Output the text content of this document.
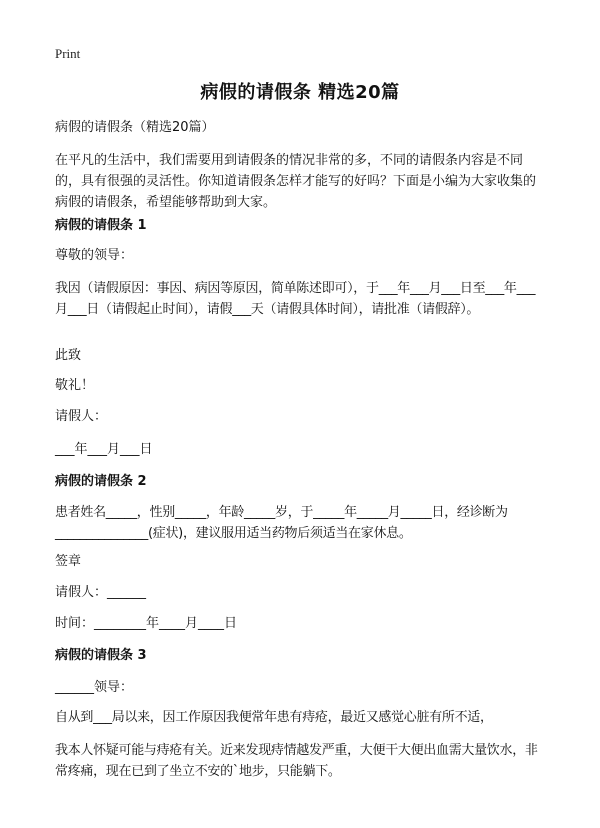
Print
病假的请假条 精选20篇
病假的请假条（精选20篇）
在平凡的生活中，我们需要用到请假条的情况非常的多，不同的请假条内容是不同的，具有很强的灵活性。你知道请假条怎样才能写的好吗？下面是小编为大家收集的病假的请假条，希望能够帮助到大家。
病假的请假条 1
尊敬的领导：
我因（请假原因：事因、病因等原因，简单陈述即可），于___年___月___日至___年___月___日（请假起止时间），请假___天（请假具体时间），请批准（请假辞）。
此致
敬礼！
请假人：
___年___月___日
病假的请假条 2
患者姓名_____，性别_____，年龄_____岁，于_____年_____月_____日，经诊断为_______________(症状)，建议服用适当药物后须适当在家休息。
签章
请假人：______
时间：________年____月____日
病假的请假条 3
______领导：
自从到___局以来，因工作原因我便常年患有痔疮，最近又感觉心脏有所不适，
我本人怀疑可能与痔疮有关。近来发现痔情越发严重，大便干大便出血需大量饮水，非常疼痛，现在已到了坐立不安的`地步，只能躺下。
